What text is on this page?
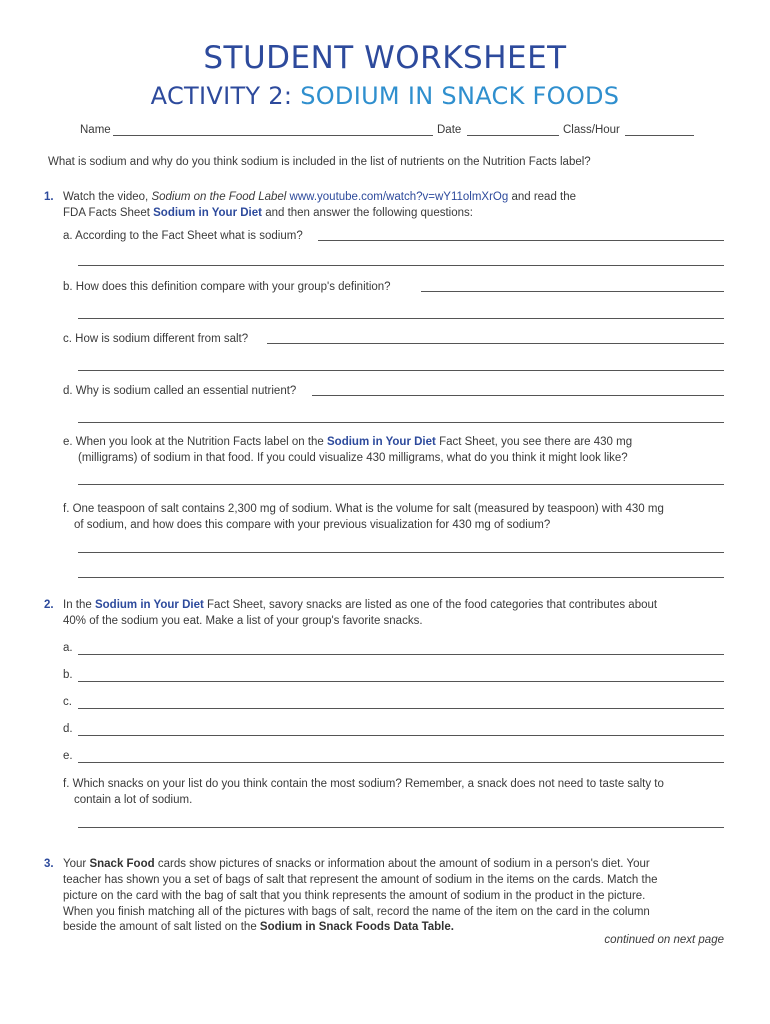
STUDENT WORKSHEET
ACTIVITY 2: SODIUM IN SNACK FOODS
Name	Date	Class/Hour
What is sodium and why do you think sodium is included in the list of nutrients on the Nutrition Facts label?
1. Watch the video, Sodium on the Food Label www.youtube.com/watch?v=wY11olmXrOg and read the
FDA Facts Sheet Sodium in Your Diet and then answer the following questions:
a. According to the Fact Sheet what is sodium?
b. How does this definition compare with your group's definition?
c. How is sodium different from salt?
d. Why is sodium called an essential nutrient?
e. When you look at the Nutrition Facts label on the Sodium in Your Diet Fact Sheet, you see there are 430 mg
(milligrams) of sodium in that food. If you could visualize 430 milligrams, what do you think it might look like?
f. One teaspoon of salt contains 2,300 mg of sodium. What is the volume for salt (measured by teaspoon) with 430 mg
of sodium, and how does this compare with your previous visualization for 430 mg of sodium?
2. In the Sodium in Your Diet Fact Sheet, savory snacks are listed as one of the food categories that contributes about
40% of the sodium you eat. Make a list of your group's favorite snacks.
a.
b.
c.
d.
e.
f. Which snacks on your list do you think contain the most sodium? Remember, a snack does not need to taste salty to
contain a lot of sodium.
3. Your Snack Food cards show pictures of snacks or information about the amount of sodium in a person's diet. Your
teacher has shown you a set of bags of salt that represent the amount of sodium in the items on the cards. Match the
picture on the card with the bag of salt that you think represents the amount of sodium in the product in the picture.
When you finish matching all of the pictures with bags of salt, record the name of the item on the card in the column
beside the amount of salt listed on the Sodium in Snack Foods Data Table.
continued on next page
